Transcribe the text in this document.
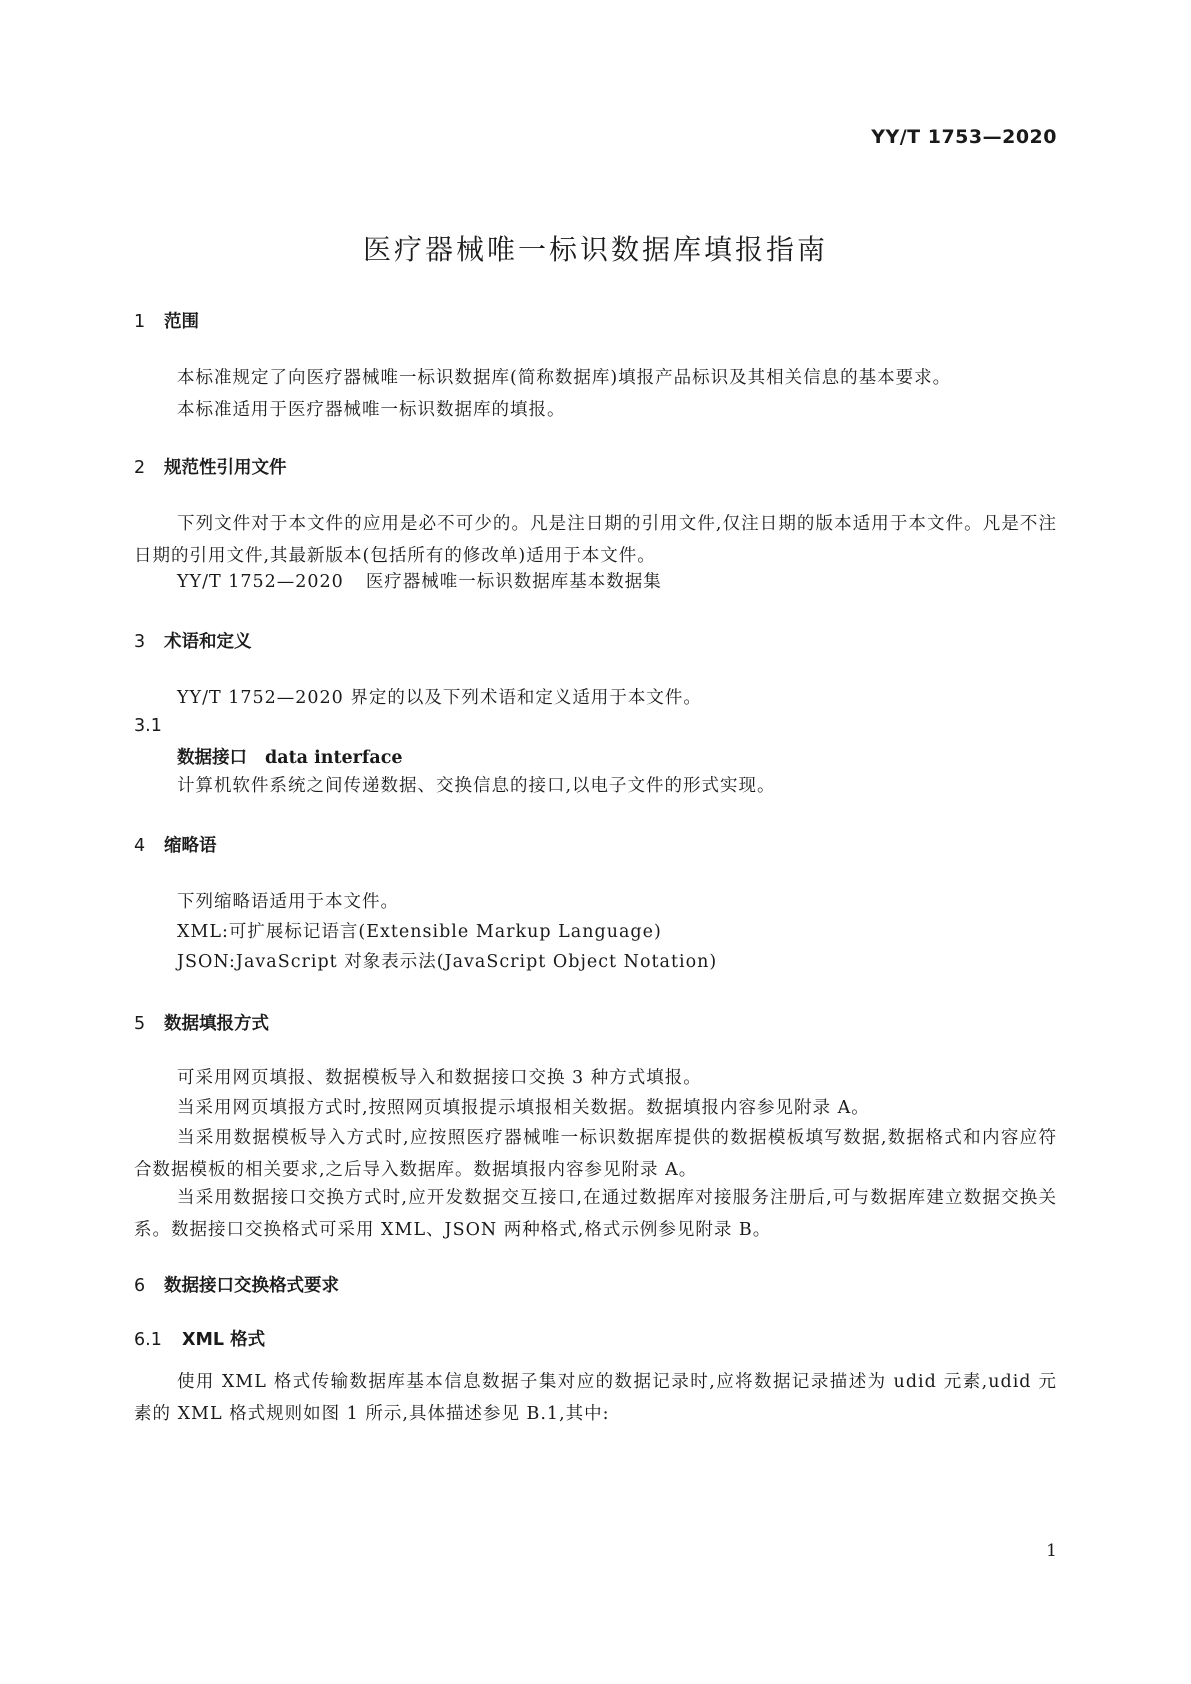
YY/T 1753—2020
医疗器械唯一标识数据库填报指南
1 范围
本标准规定了向医疗器械唯一标识数据库(简称数据库)填报产品标识及其相关信息的基本要求。
本标准适用于医疗器械唯一标识数据库的填报。
2 规范性引用文件
下列文件对于本文件的应用是必不可少的。凡是注日期的引用文件,仅注日期的版本适用于本文件。凡是不注日期的引用文件,其最新版本(包括所有的修改单)适用于本文件。
YY/T 1752—2020 医疗器械唯一标识数据库基本数据集
3 术语和定义
YY/T 1752—2020 界定的以及下列术语和定义适用于本文件。
3.1
数据接口 data interface
计算机软件系统之间传递数据、交换信息的接口,以电子文件的形式实现。
4 缩略语
下列缩略语适用于本文件。
XML:可扩展标记语言(Extensible Markup Language)
JSON:JavaScript 对象表示法(JavaScript Object Notation)
5 数据填报方式
可采用网页填报、数据模板导入和数据接口交换 3 种方式填报。
当采用网页填报方式时,按照网页填报提示填报相关数据。数据填报内容参见附录 A。
当采用数据模板导入方式时,应按照医疗器械唯一标识数据库提供的数据模板填写数据,数据格式和内容应符合数据模板的相关要求,之后导入数据库。数据填报内容参见附录 A。
当采用数据接口交换方式时,应开发数据交互接口,在通过数据库对接服务注册后,可与数据库建立数据交换关系。数据接口交换格式可采用 XML、JSON 两种格式,格式示例参见附录 B。
6 数据接口交换格式要求
6.1 XML 格式
使用 XML 格式传输数据库基本信息数据子集对应的数据记录时,应将数据记录描述为 udid 元素,udid 元素的 XML 格式规则如图 1 所示,具体描述参见 B.1,其中:
1
